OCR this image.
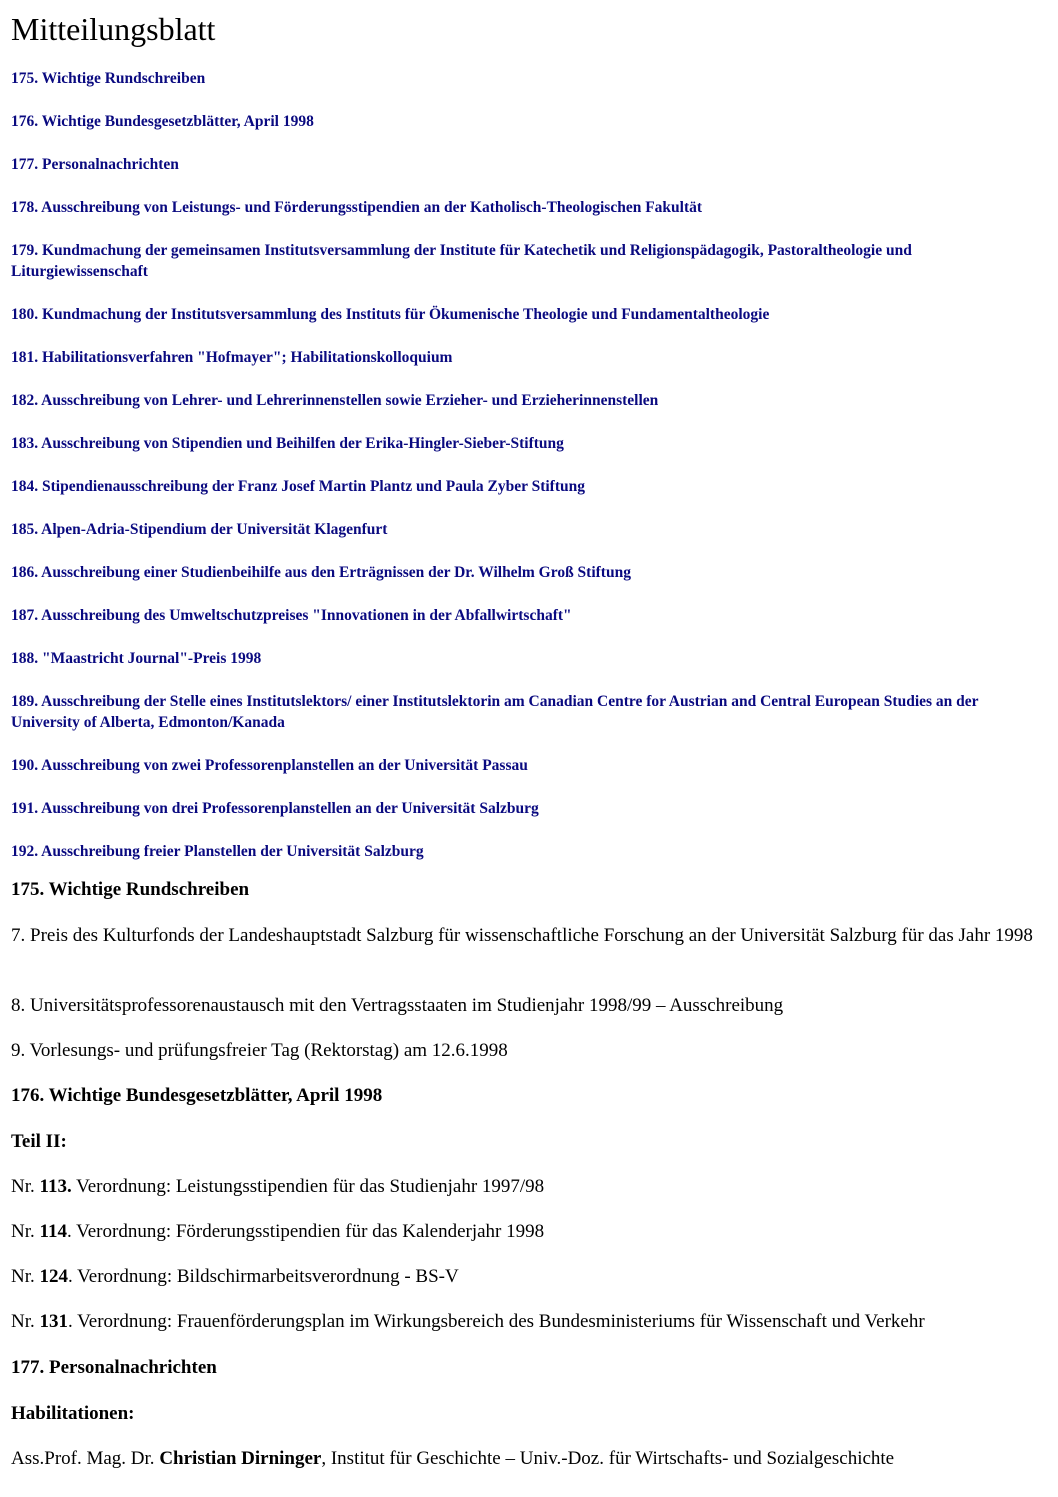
Mitteilungsblatt
175. Wichtige Rundschreiben
176. Wichtige Bundesgesetzblätter, April 1998
177. Personalnachrichten
178. Ausschreibung von Leistungs- und Förderungsstipendien an der Katholisch-Theologischen Fakultät
179. Kundmachung der gemeinsamen Institutsversammlung der Institute für Katechetik und Religionspädagogik, Pastoraltheologie und Liturgiewissenschaft
180. Kundmachung der Institutsversammlung des Instituts für Ökumenische Theologie und Fundamentaltheologie
181. Habilitationsverfahren "Hofmayer"; Habilitationskolloquium
182. Ausschreibung von Lehrer- und Lehrerinnenstellen sowie Erzieher- und Erzieherinnenstellen
183. Ausschreibung von Stipendien und Beihilfen der Erika-Hingler-Sieber-Stiftung
184. Stipendienausschreibung der Franz Josef Martin Plantz und Paula Zyber Stiftung
185. Alpen-Adria-Stipendium der Universität Klagenfurt
186. Ausschreibung einer Studienbeihilfe aus den Erträgnissen der Dr. Wilhelm Groß Stiftung
187. Ausschreibung des Umweltschutzpreises "Innovationen in der Abfallwirtschaft"
188. "Maastricht Journal"-Preis 1998
189. Ausschreibung der Stelle eines Institutslektors/ einer Institutslektorin am Canadian Centre for Austrian and Central European Studies an der University of Alberta, Edmonton/Kanada
190. Ausschreibung von zwei Professorenplanstellen an der Universität Passau
191. Ausschreibung von drei Professorenplanstellen an der Universität Salzburg
192. Ausschreibung freier Planstellen der Universität Salzburg
175. Wichtige Rundschreiben

7. Preis des Kulturfonds der Landeshauptstadt Salzburg für wissenschaftliche Forschung an der Universität Salzburg für das Jahr 1998

8. Universitätsprofessorenaustausch mit den Vertragsstaaten im Studienjahr 1998/99 – Ausschreibung

9. Vorlesungs- und prüfungsfreier Tag (Rektorstag) am 12.6.1998

176. Wichtige Bundesgesetzblätter, April 1998
Teil II:

Nr. 113. Verordnung: Leistungsstipendien für das Studienjahr 1997/98

Nr. 114. Verordnung: Förderungsstipendien für das Kalenderjahr 1998

Nr. 124. Verordnung: Bildschirmarbeitsverordnung - BS-V

Nr. 131. Verordnung: Frauenförderungsplan im Wirkungsbereich des Bundesministeriums für Wissenschaft und Verkehr

177. Personalnachrichten
Habilitationen:

Ass.Prof. Mag. Dr. Christian Dirninger, Institut für Geschichte – Univ.-Doz. für Wirtschafts- und Sozialgeschichte
